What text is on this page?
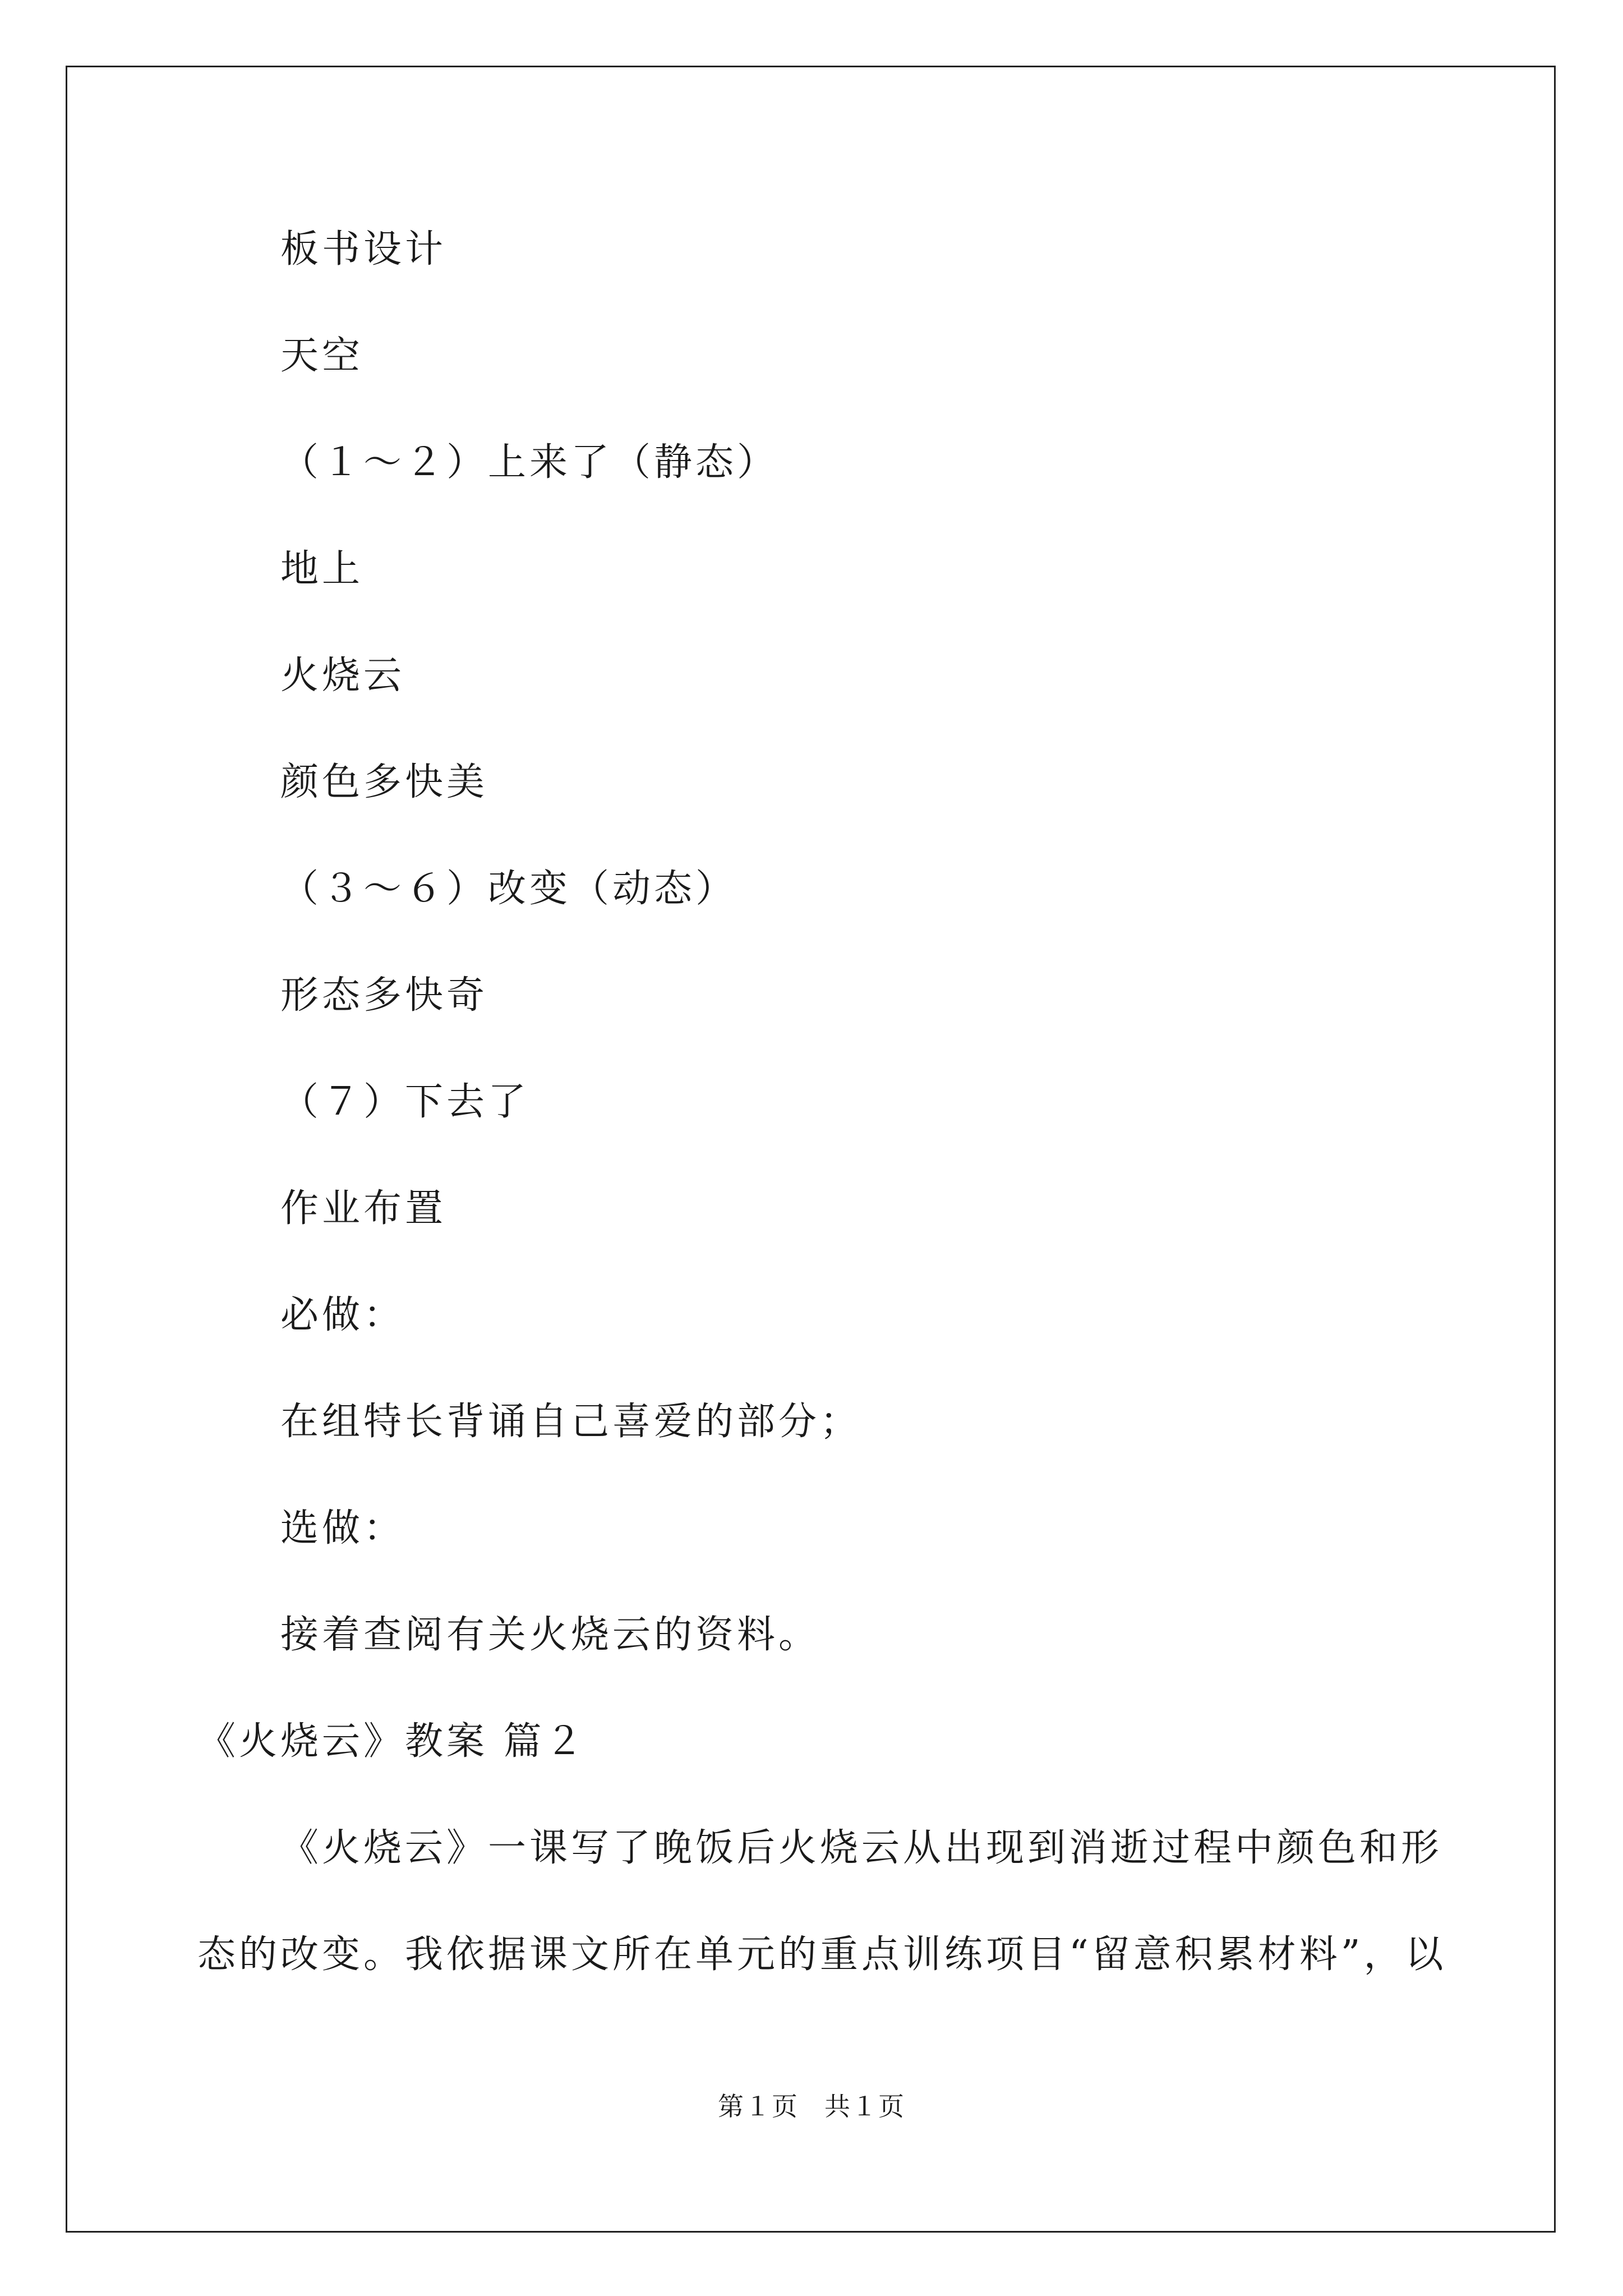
板书设计
天空
（１～２）上来了（静态）
地上
火烧云
颜色多快美
（３～６）改变（动态）
形态多快奇
（７）下去了
作业布置
必做：
在组特长背诵自己喜爱的部分；
选做：
接着查阅有关火烧云的资料。
《火烧云》教案 篇２
《火烧云》一课写了晚饭后火烧云从出现到消逝过程中颜色和形
态的改变。我依据课文所在单元的重点训练项目“留意积累材料”，以
第１页 共１页
